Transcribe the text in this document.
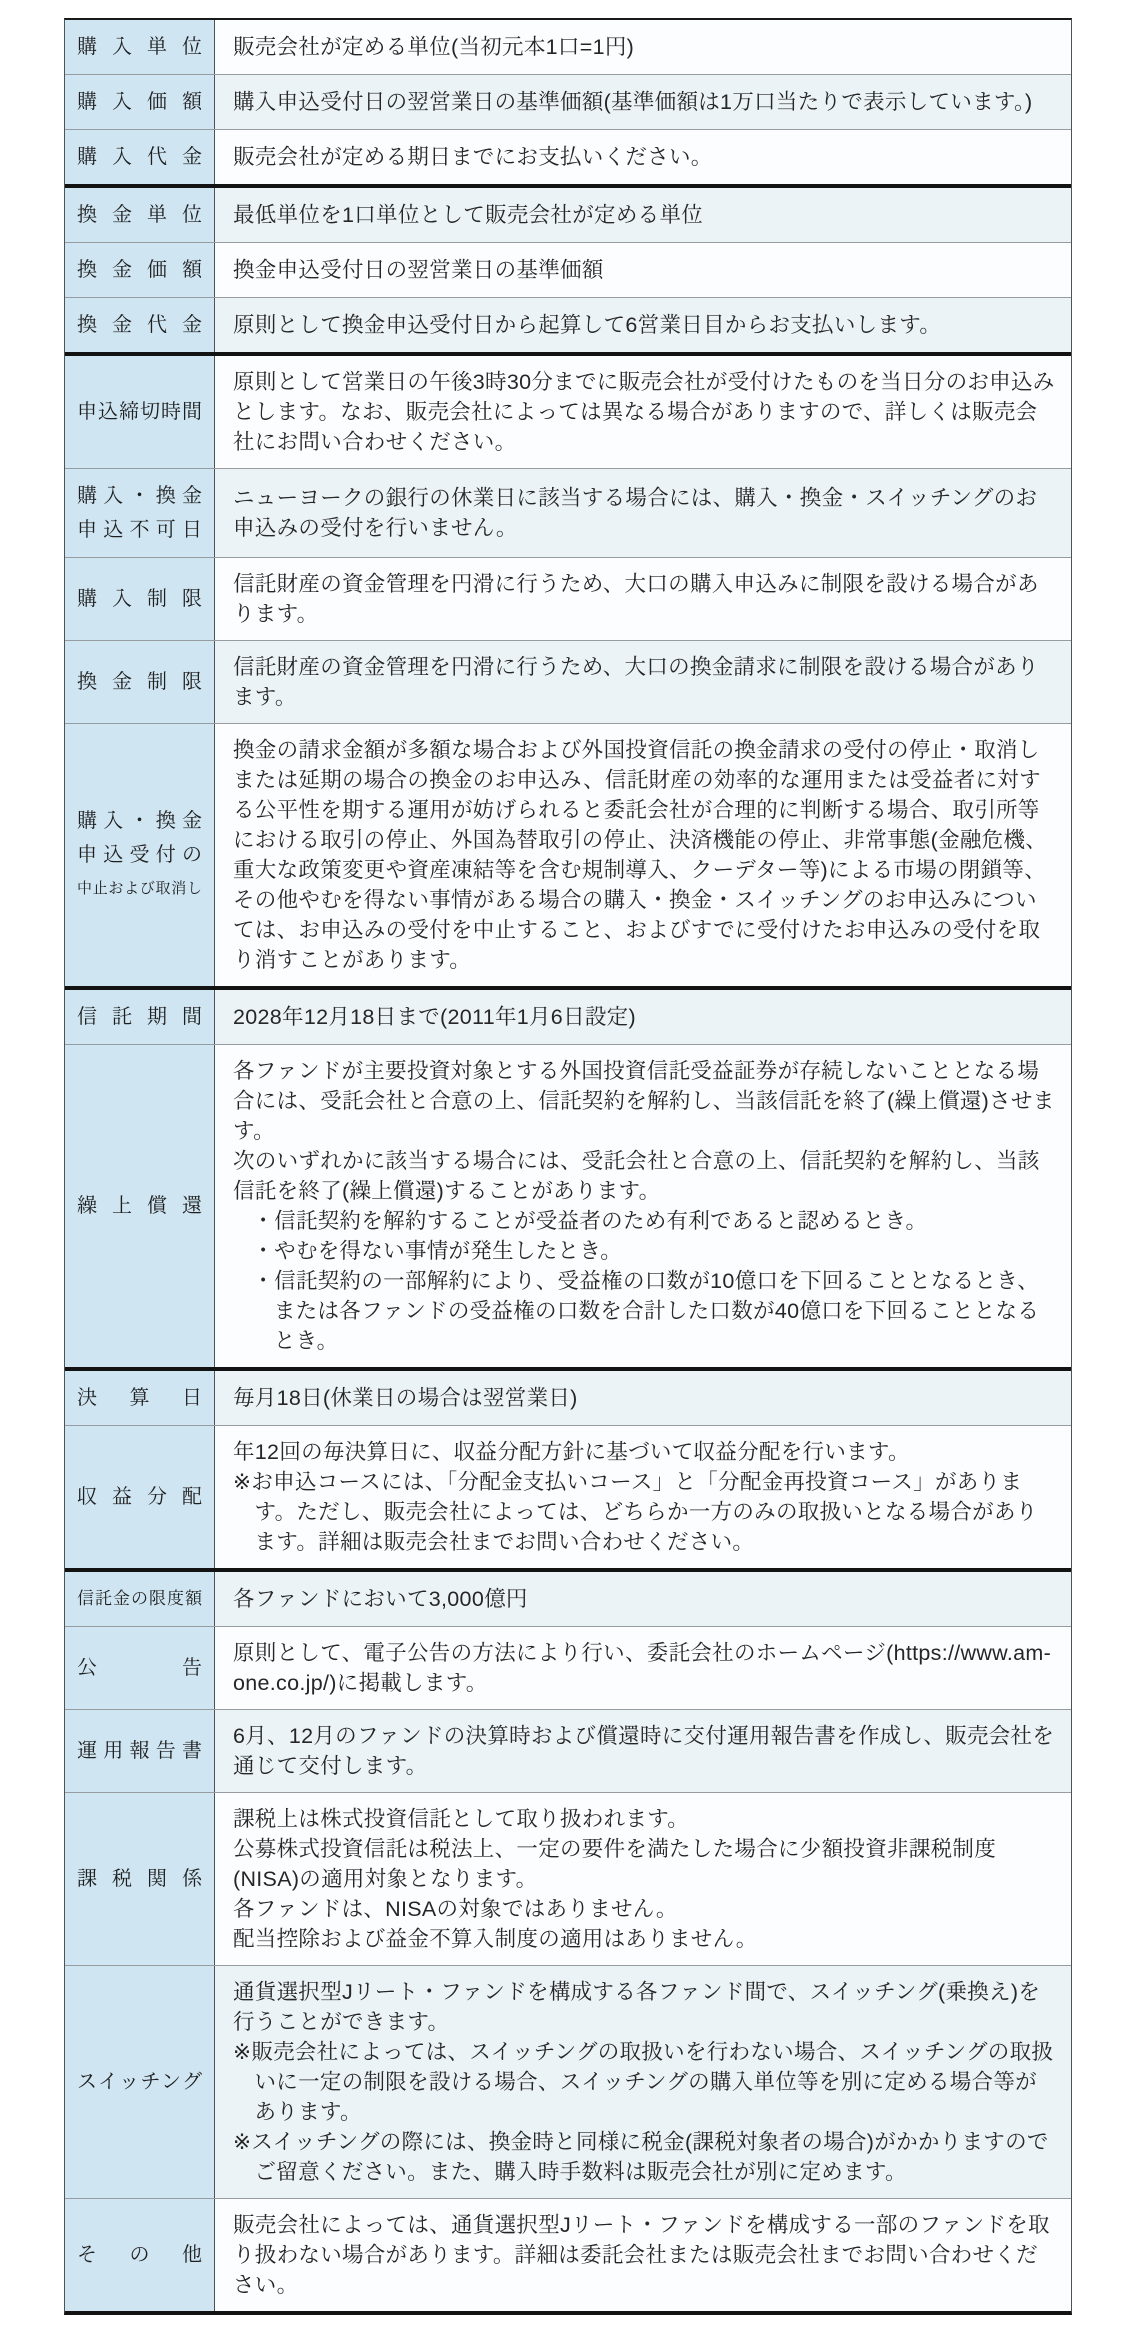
購入単位 販売会社が定める単位(当初元本1口=1円)

購入価額 購入申込受付日の翌営業日の基準価額(基準価額は1万口当たりで表示しています。)

購入代金 販売会社が定める期日までにお支払いください。

換金単位 最低単位を1口単位として販売会社が定める単位

換金価額 換金申込受付日の翌営業日の基準価額

換金代金 原則として換金申込受付日から起算して6営業日目からお支払いします。

申込締切時間

原則として営業日の午後3時30分までに販売会社が受付けたものを当日分のお申込みとします。なお、販売会社によっては異なる場合がありますので、詳しくは販売会社にお問い合わせください。

購入・換金
申込不可日

ニューヨークの銀行の休業日に該当する場合には、購入・換金・スイッチングのお申込みの受付を行いません。

購入制限

信託財産の資金管理を円滑に行うため、大口の購入申込みに制限を設ける場合があります。

換金制限

信託財産の資金管理を円滑に行うため、大口の換金請求に制限を設ける場合があります。

購入・換金
申込受付の
中止および取消し

換金の請求金額が多額な場合および外国投資信託の換金請求の受付の停止・取消しまたは延期の場合の換金のお申込み、信託財産の効率的な運用または受益者に対する公平性を期する運用が妨げられると委託会社が合理的に判断する場合、取引所等における取引の停止、外国為替取引の停止、決済機能の停止、非常事態(金融危機、重大な政策変更や資産凍結等を含む規制導入、クーデター等)による市場の閉鎖等、その他やむを得ない事情がある場合の購入・換金・スイッチングのお申込みについては、お申込みの受付を中止すること、およびすでに受付けたお申込みの受付を取り消すことがあります。

信託期間 2028年12月18日まで(2011年1月6日設定)

繰上償還

各ファンドが主要投資対象とする外国投資信託受益証券が存続しないこととなる場合には、受託会社と合意の上、信託契約を解約し、当該信託を終了(繰上償還)させます。

次のいずれかに該当する場合には、受託会社と合意の上、信託契約を解約し、当該信託を終了(繰上償還)することがあります。

・信託契約を解約することが受益者のため有利であると認めるとき。

・やむを得ない事情が発生したとき。

・信託契約の一部解約により、受益権の口数が10億口を下回ることとなるとき、または各ファンドの受益権の口数を合計した口数が40億口を下回ることとなるとき。

決算日 毎月18日(休業日の場合は翌営業日)

収益分配

年12回の毎決算日に、収益分配方針に基づいて収益分配を行います。

※お申込コースには、「分配金支払いコース」と「分配金再投資コース」があります。ただし、販売会社によっては、どちらか一方のみの取扱いとなる場合があります。詳細は販売会社までお問い合わせください。

信託金の限度額 各ファンドにおいて3,000億円

公告

原則として、電子公告の方法により行い、委託会社のホームページ(https://www.am-one.co.jp/)に掲載します。

運用報告書

6月、12月のファンドの決算時および償還時に交付運用報告書を作成し、販売会社を通じて交付します。

課税関係

課税上は株式投資信託として取り扱われます。

公募株式投資信託は税法上、一定の要件を満たした場合に少額投資非課税制度(NISA)の適用対象となります。

各ファンドは、NISAの対象ではありません。

配当控除および益金不算入制度の適用はありません。

スイッチング

通貨選択型Jリート・ファンドを構成する各ファンド間で、スイッチング(乗換え)を行うことができます。

※販売会社によっては、スイッチングの取扱いを行わない場合、スイッチングの取扱いに一定の制限を設ける場合、スイッチングの購入単位等を別に定める場合等があります。

※スイッチングの際には、換金時と同様に税金(課税対象者の場合)がかかりますのでご留意ください。また、購入時手数料は販売会社が別に定めます。

その他

販売会社によっては、通貨選択型Jリート・ファンドを構成する一部のファンドを取り扱わない場合があります。詳細は委託会社または販売会社までお問い合わせください。
